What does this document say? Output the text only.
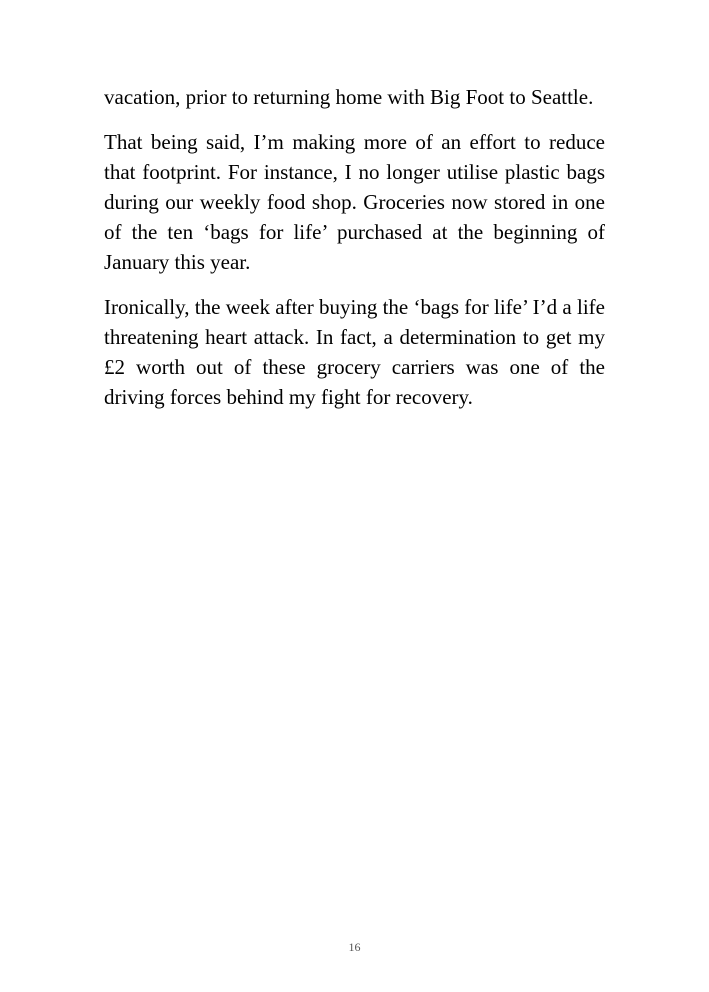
vacation, prior to returning home with Big Foot to Seattle.

That being said, I’m making more of an effort to reduce that footprint. For instance, I no longer utilise plastic bags during our weekly food shop. Groceries now stored in one of the ten ‘bags for life’ purchased at the beginning of January this year.

Ironically, the week after buying the ‘bags for life’ I’d a life threatening heart attack. In fact, a determination to get my £2 worth out of these grocery carriers was one of the driving forces behind my fight for recovery.

16
